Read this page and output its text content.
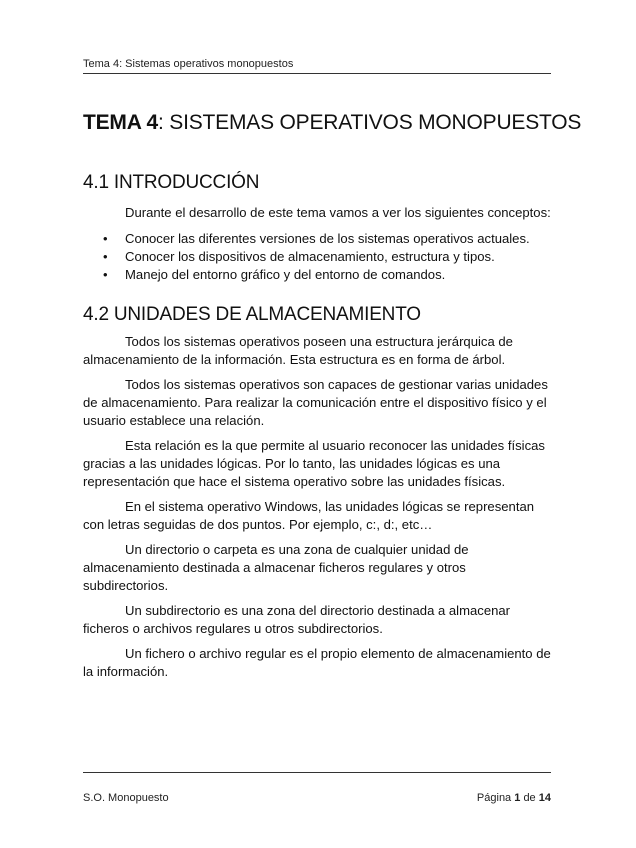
Tema 4: Sistemas operativos monopuestos
TEMA 4: SISTEMAS OPERATIVOS MONOPUESTOS
4.1 INTRODUCCIÓN

Durante el desarrollo de este tema vamos a ver los siguientes conceptos:

• Conocer las diferentes versiones de los sistemas operativos actuales.
• Conocer los dispositivos de almacenamiento, estructura y tipos.
• Manejo del entorno gráfico y del entorno de comandos.
4.2 UNIDADES DE ALMACENAMIENTO

Todos los sistemas operativos poseen una estructura jerárquica de almacenamiento de la información. Esta estructura es en forma de árbol.

Todos los sistemas operativos son capaces de gestionar varias unidades de almacenamiento. Para realizar la comunicación entre el dispositivo físico y el usuario establece una relación.

Esta relación es la que permite al usuario reconocer las unidades físicas gracias a las unidades lógicas. Por lo tanto, las unidades lógicas es una representación que hace el sistema operativo sobre las unidades físicas.

En el sistema operativo Windows, las unidades lógicas se representan con letras seguidas de dos puntos. Por ejemplo, c:, d:, etc…

Un directorio o carpeta es una zona de cualquier unidad de almacenamiento destinada a almacenar ficheros regulares y otros subdirectorios.

Un subdirectorio es una zona del directorio destinada a almacenar ficheros o archivos regulares u otros subdirectorios.

Un fichero o archivo regular es el propio elemento de almacenamiento de la información.

S.O. Monopuesto	Página 1 de 14
